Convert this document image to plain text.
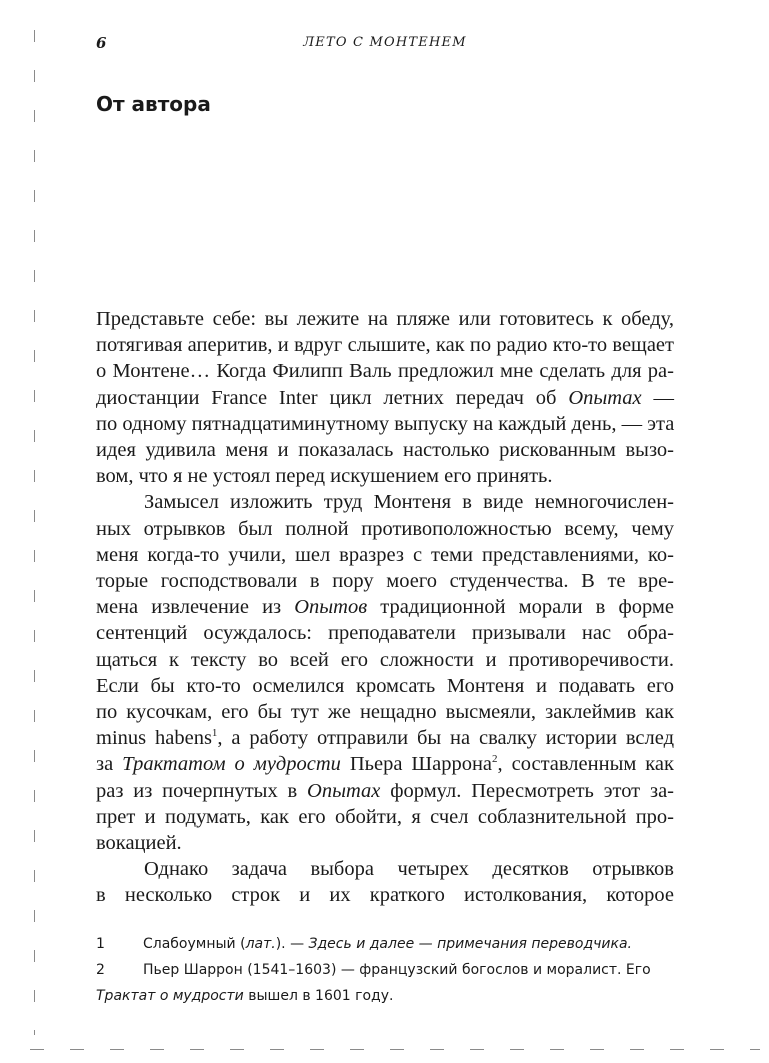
6	ЛЕТО С МОНТЕНЕМ
От автора
Представьте себе: вы лежите на пляже или готовитесь к обеду,
потягивая аперитив, и вдруг слышите, как по радио кто-то вещает
о Монтене… Когда Филипп Валь предложил мне сделать для ра-
диостанции France Inter цикл летних передач об Опытах —
по одному пятнадцатиминутному выпуску на каждый день, — эта
идея удивила меня и показалась настолько рискованным вызо-
вом, что я не устоял перед искушением его принять.
Замысел изложить труд Монтеня в виде немногочислен-
ных отрывков был полной противоположностью всему, чему
меня когда-то учили, шел вразрез с теми представлениями, ко-
торые господствовали в пору моего студенчества. В те вре-
мена извлечение из Опытов традиционной морали в форме
сентенций осуждалось: преподаватели призывали нас обра-
щаться к тексту во всей его сложности и противоречивости.
Если бы кто-то осмелился кромсать Монтеня и подавать его
по кусочкам, его бы тут же нещадно высмеяли, заклеймив как
minus habens$^1$, а работу отправили бы на свалку истории вслед
за Трактатом о мудрости Пьера Шаррона$^2$, составленным как
раз из почерпнутых в Опытах формул. Пересмотреть этот за-
прет и подумать, как его обойти, я счел соблазнительной про-
вокацией.
Однако задача выбора четырех десятков отрывков
в несколько строк и их краткого истолкования, которое
1	Слабоумный (лат.). — Здесь и далее — примечания переводчика.
2	Пьер Шаррон (1541–1603) — французский богослов и моралист. Его
Трактат о мудрости вышел в 1601 году.
